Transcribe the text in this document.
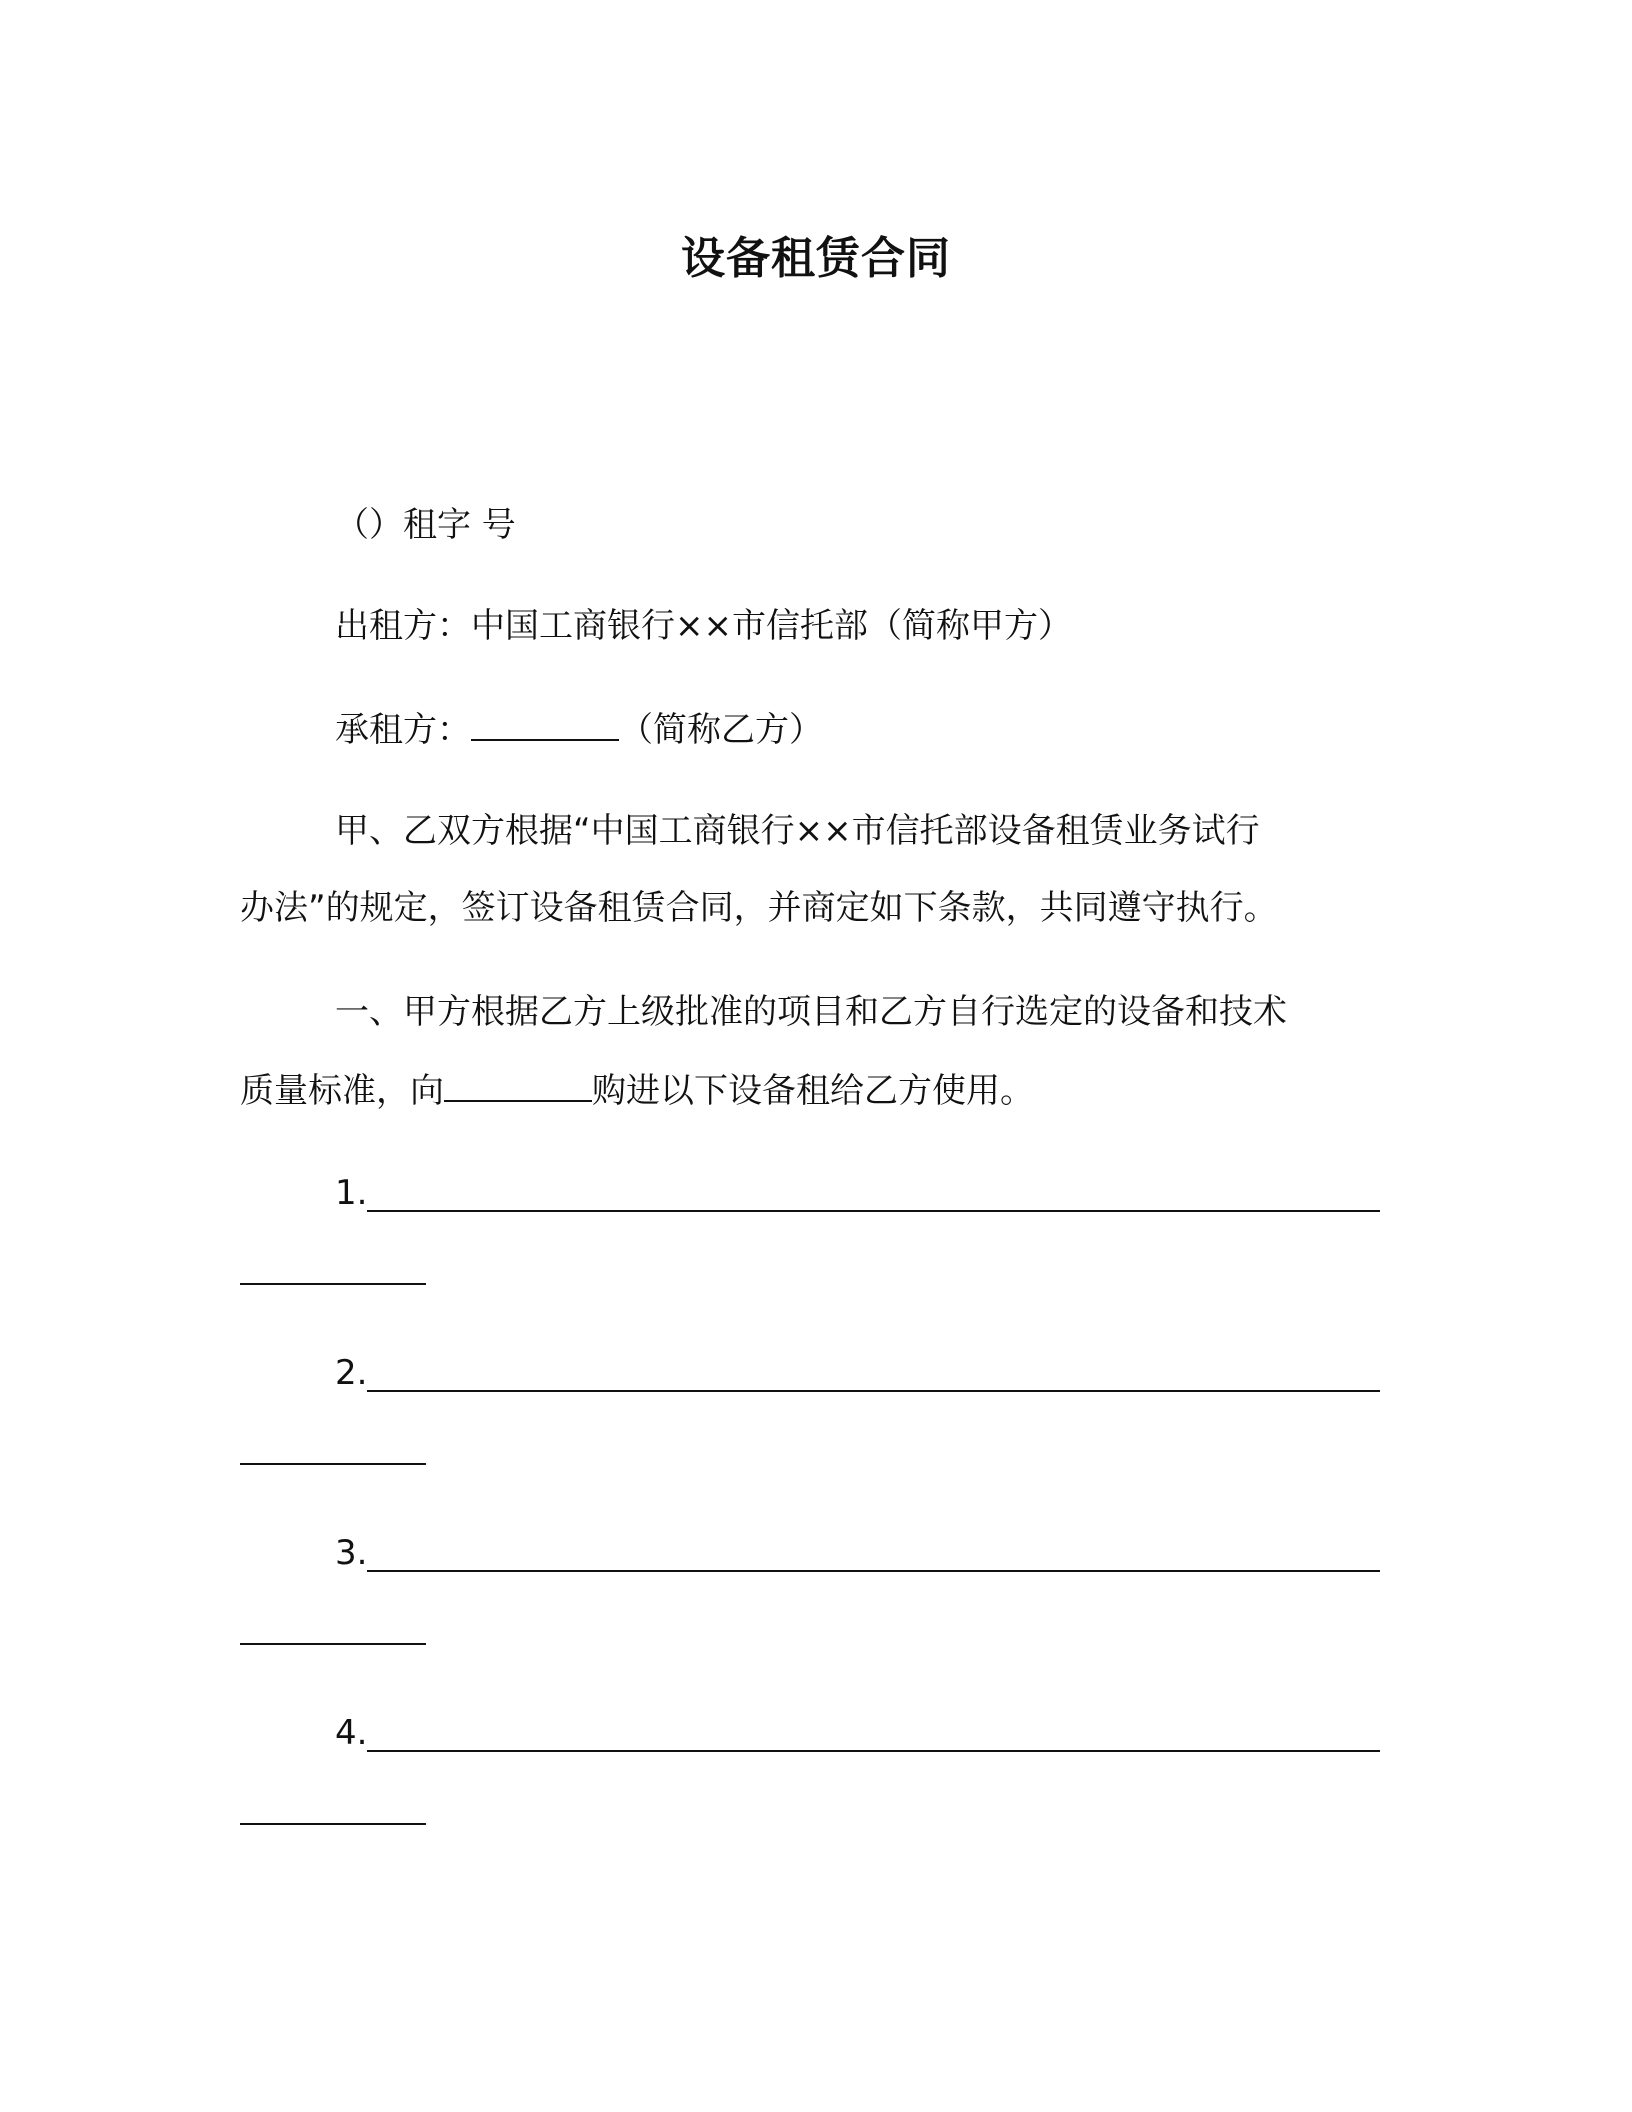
设备租赁合同
（）租字 号
出租方：中国工商银行××市信托部（简称甲方）
承租方：	（简称乙方）
甲、乙双方根据“中国工商银行××市信托部设备租赁业务试行
办法”的规定，签订设备租赁合同，并商定如下条款，共同遵守执行。
一、甲方根据乙方上级批准的项目和乙方自行选定的设备和技术
质量标准，向	购进以下设备租给乙方使用。
1.
2.
3.
4.
